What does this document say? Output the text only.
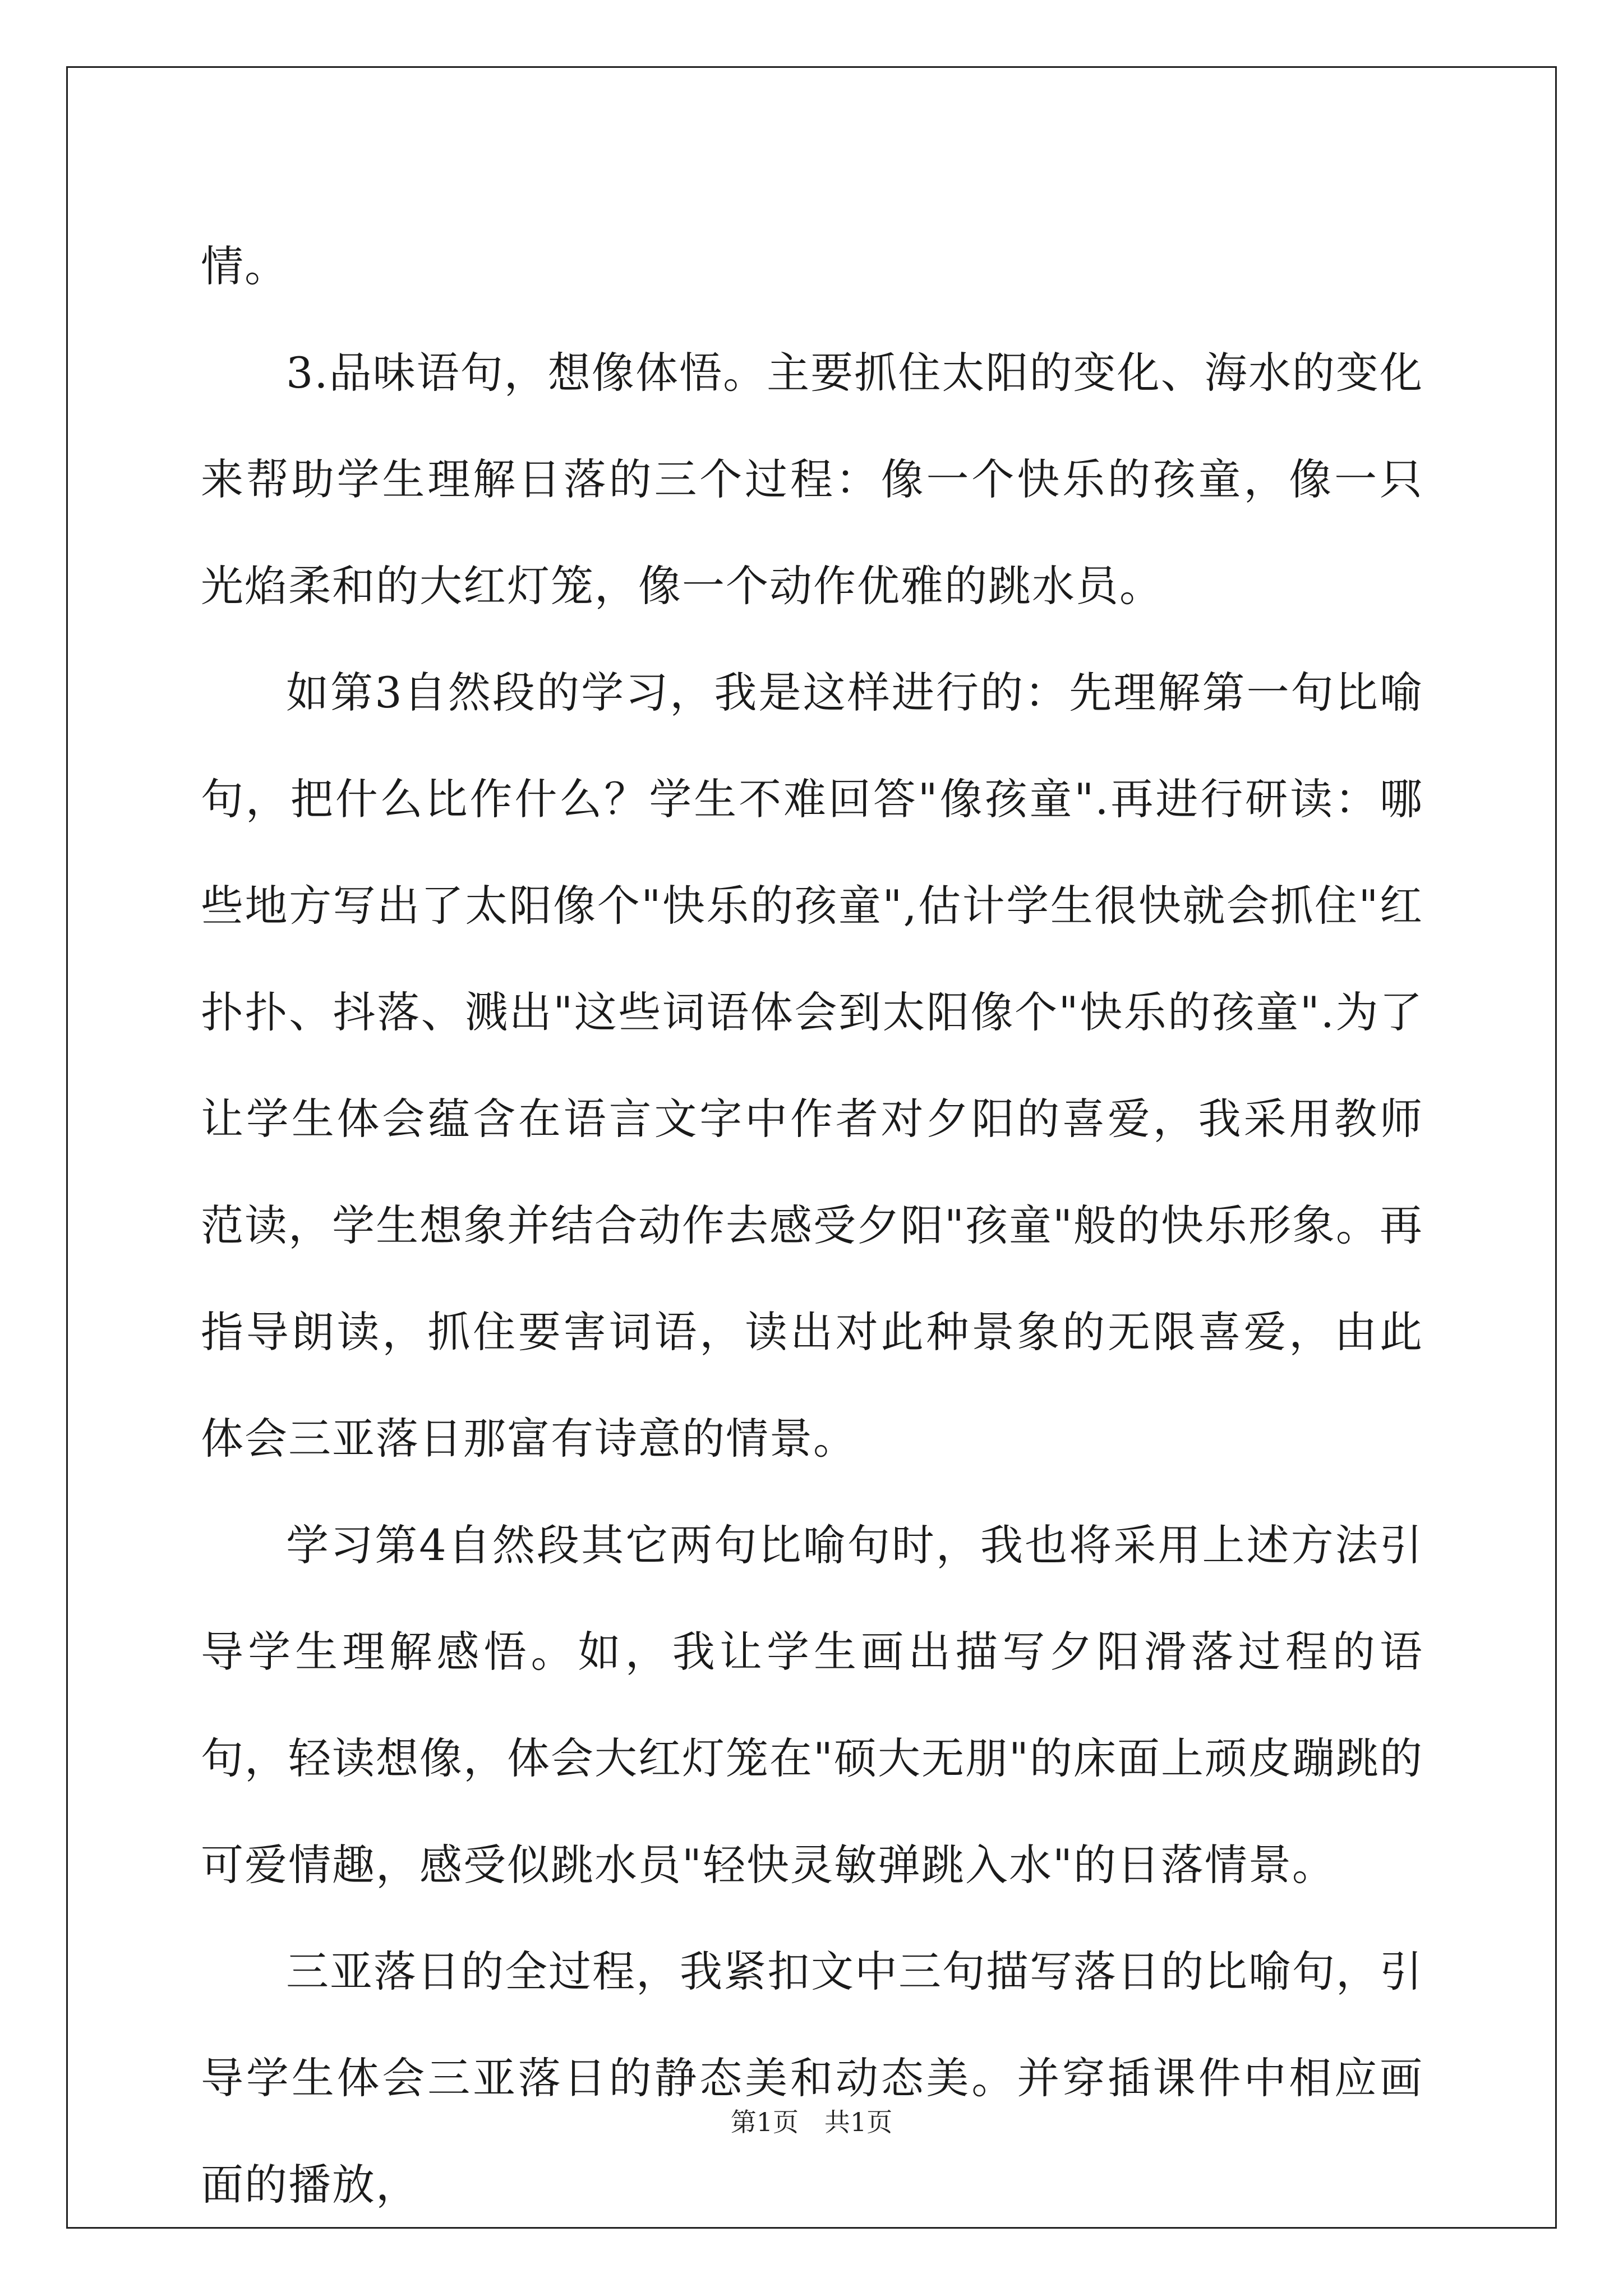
情。

3.品味语句，想像体悟。主要抓住太阳的变化、海水的变化来帮助学生理解日落的三个过程：像一个快乐的孩童，像一只光焰柔和的大红灯笼，像一个动作优雅的跳水员。

如第3自然段的学习，我是这样进行的：先理解第一句比喻句，把什么比作什么？学生不难回答"像孩童".再进行研读：哪些地方写出了太阳像个"快乐的孩童",估计学生很快就会抓住"红扑扑、抖落、溅出"这些词语体会到太阳像个"快乐的孩童".为了让学生体会蕴含在语言文字中作者对夕阳的喜爱，我采用教师范读，学生想象并结合动作去感受夕阳"孩童"般的快乐形象。再指导朗读，抓住要害词语，读出对此种景象的无限喜爱，由此体会三亚落日那富有诗意的情景。

学习第4自然段其它两句比喻句时，我也将采用上述方法引导学生理解感悟。如，我让学生画出描写夕阳滑落过程的语句，轻读想像，体会大红灯笼在"硕大无朋"的床面上顽皮蹦跳的可爱情趣，感受似跳水员"轻快灵敏弹跳入水"的日落情景。

三亚落日的全过程，我紧扣文中三句描写落日的比喻句，引导学生体会三亚落日的静态美和动态美。并穿插课件中相应画面的播放，

第1页　共1页
